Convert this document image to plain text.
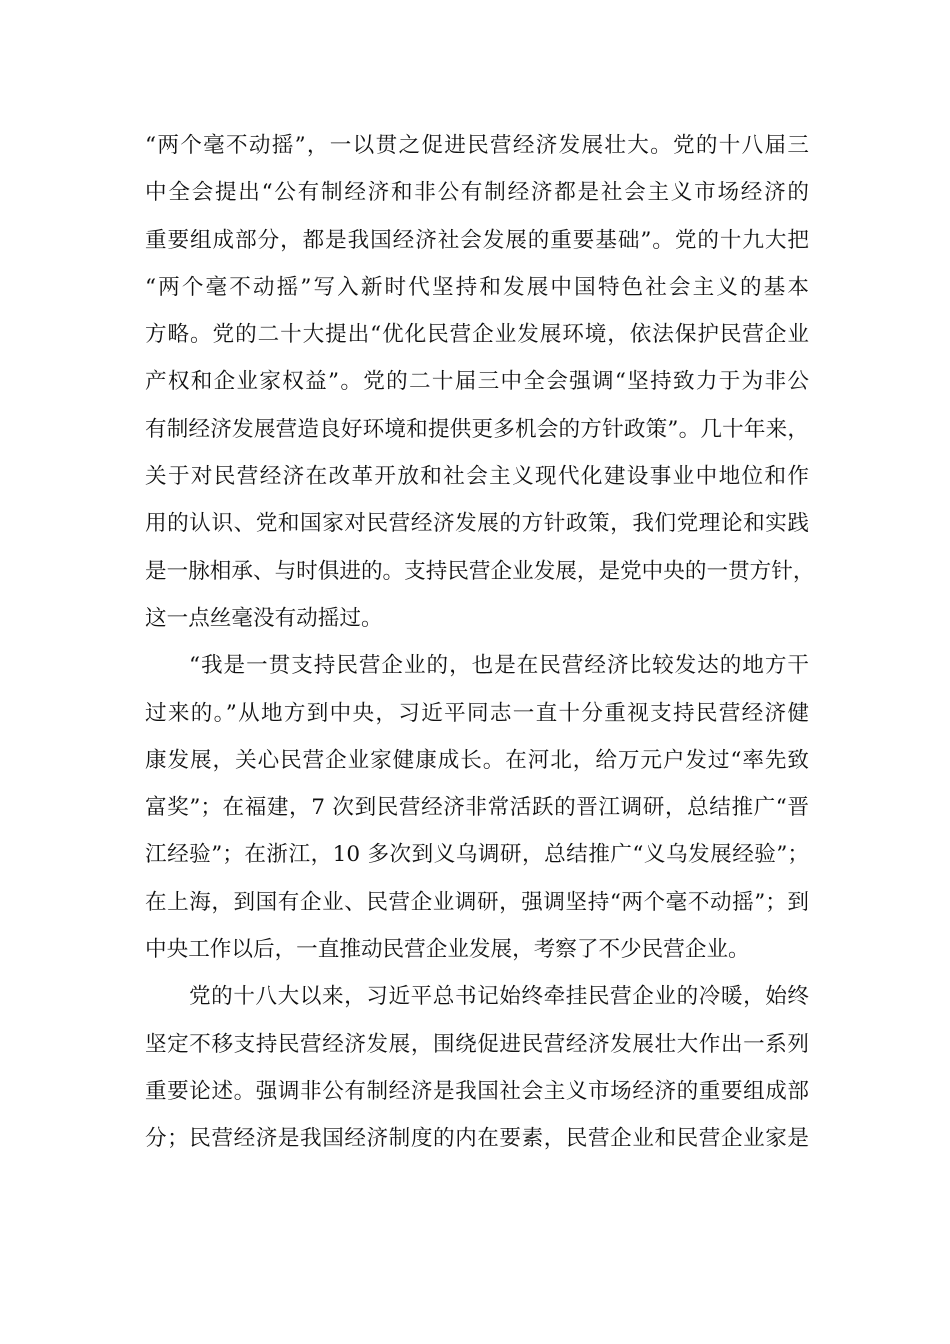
“两个毫不动摇”，一以贯之促进民营经济发展壮大。党的十八届三
中全会提出“公有制经济和非公有制经济都是社会主义市场经济的
重要组成部分，都是我国经济社会发展的重要基础”。党的十九大把
“两个毫不动摇”写入新时代坚持和发展中国特色社会主义的基本
方略。党的二十大提出“优化民营企业发展环境，依法保护民营企业
产权和企业家权益”。党的二十届三中全会强调“坚持致力于为非公
有制经济发展营造良好环境和提供更多机会的方针政策”。几十年来，
关于对民营经济在改革开放和社会主义现代化建设事业中地位和作
用的认识、党和国家对民营经济发展的方针政策，我们党理论和实践
是一脉相承、与时俱进的。支持民营企业发展，是党中央的一贯方针，
这一点丝毫没有动摇过。
“我是一贯支持民营企业的，也是在民营经济比较发达的地方干
过来的。”从地方到中央，习近平同志一直十分重视支持民营经济健
康发展，关心民营企业家健康成长。在河北，给万元户发过“率先致
富奖”；在福建，7 次到民营经济非常活跃的晋江调研，总结推广“晋
江经验”；在浙江，10 多次到义乌调研，总结推广“义乌发展经验”；
在上海，到国有企业、民营企业调研，强调坚持“两个毫不动摇”；到
中央工作以后，一直推动民营企业发展，考察了不少民营企业。
党的十八大以来，习近平总书记始终牵挂民营企业的冷暖，始终
坚定不移支持民营经济发展，围绕促进民营经济发展壮大作出一系列
重要论述。强调非公有制经济是我国社会主义市场经济的重要组成部
分；民营经济是我国经济制度的内在要素，民营企业和民营企业家是
